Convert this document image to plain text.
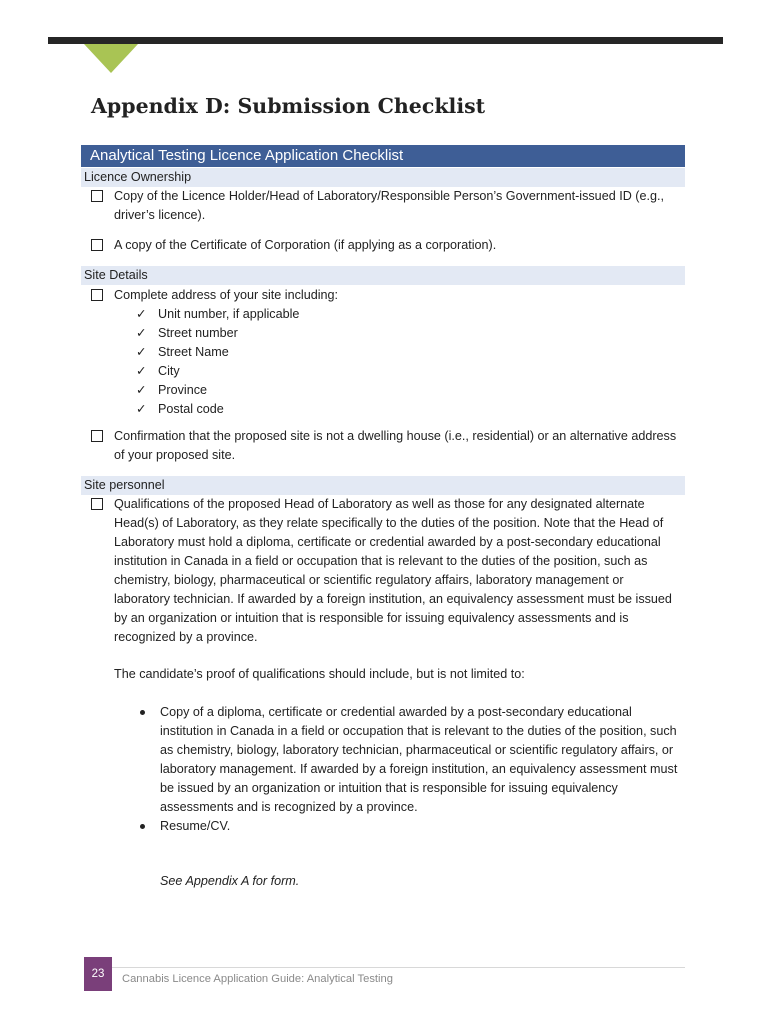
Appendix D: Submission Checklist
Analytical Testing Licence Application Checklist
Licence Ownership
Copy of the Licence Holder/Head of Laboratory/Responsible Person’s Government-issued ID (e.g., driver’s licence).
A copy of the Certificate of Corporation (if applying as a corporation).
Site Details
Complete address of your site including:
✓ Unit number, if applicable
✓ Street number
✓ Street Name
✓ City
✓ Province
✓ Postal code
Confirmation that the proposed site is not a dwelling house (i.e., residential) or an alternative address of your proposed site.
Site personnel
Qualifications of the proposed Head of Laboratory as well as those for any designated alternate Head(s) of Laboratory, as they relate specifically to the duties of the position. Note that the Head of Laboratory must hold a diploma, certificate or credential awarded by a post-secondary educational institution in Canada in a field or occupation that is relevant to the duties of the position, such as chemistry, biology, pharmaceutical or scientific regulatory affairs, laboratory management or laboratory technician. If awarded by a foreign institution, an equivalency assessment must be issued by an organization or intuition that is responsible for issuing equivalency assessments and is recognized by a province.

The candidate’s proof of qualifications should include, but is not limited to:

Copy of a diploma, certificate or credential awarded by a post-secondary educational institution in Canada in a field or occupation that is relevant to the duties of the position, such as chemistry, biology, laboratory technician, pharmaceutical or scientific regulatory affairs, or laboratory management. If awarded by a foreign institution, an equivalency assessment must be issued by an organization or intuition that is responsible for issuing equivalency assessments and is recognized by a province.
Resume/CV.

See Appendix A for form.

23	Cannabis Licence Application Guide: Analytical Testing
